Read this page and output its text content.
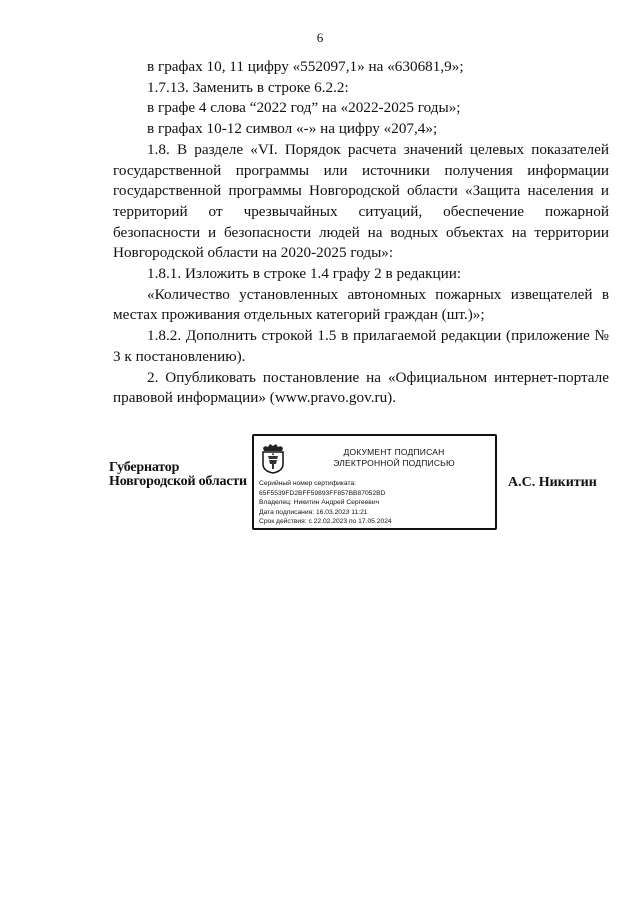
6

в графах 10, 11 цифру «552097,1» на «630681,9»;

1.7.13. Заменить в строке 6.2.2:

в графе 4 слова “2022 год” на «2022-2025 годы»;

в графах 10-12 символ «-» на цифру «207,4»;

1.8. В разделе «VI. Порядок расчета значений целевых показателей государственной программы или источники получения информации государственной программы Новгородской области «Защита населения и территорий от чрезвычайных ситуаций, обеспечение пожарной безопасности и безопасности людей на водных объектах на территории Новгородской области на 2020-2025 годы»:

1.8.1. Изложить в строке 1.4 графу 2 в редакции:

«Количество установленных автономных пожарных извещателей в местах проживания отдельных категорий граждан (шт.)»;

1.8.2. Дополнить строкой 1.5 в прилагаемой редакции (приложение № 3 к постановлению).

2. Опубликовать постановление на «Официальном интернет-портале правовой информации» (www.pravo.gov.ru).

Губернатор
Новгородской области
ДОКУМЕНТ ПОДПИСАН
ЭЛЕКТРОННОЙ ПОДПИСЬЮ
Серийный номер сертификата:
65F5539FD2BFF59893FF857BB87052BD
Владелец: Никитин Андрей Сергеевич
Дата подписания: 16.03.2023 11:21
Срок действия: с 22.02.2023 по 17.05.2024
А.С. Никитин
